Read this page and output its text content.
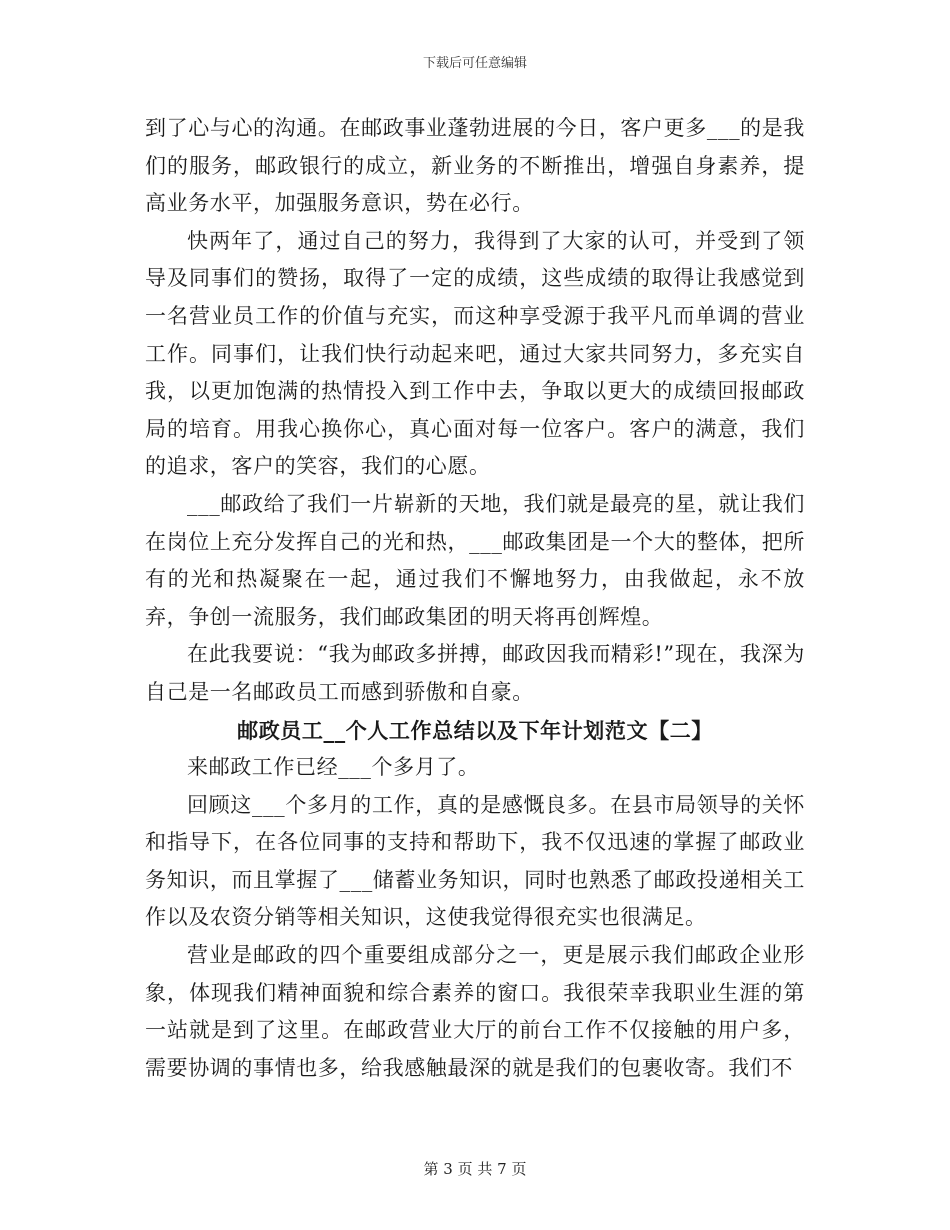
下载后可任意编辑

到了心与心的沟通。在邮政事业蓬勃进展的今日，客户更多___的是我们的服务，邮政银行的成立，新业务的不断推出，增强自身素养，提高业务水平，加强服务意识，势在必行。

快两年了，通过自己的努力，我得到了大家的认可，并受到了领导及同事们的赞扬，取得了一定的成绩，这些成绩的取得让我感觉到一名营业员工作的价值与充实，而这种享受源于我平凡而单调的营业工作。同事们，让我们快行动起来吧，通过大家共同努力，多充实自我，以更加饱满的热情投入到工作中去，争取以更大的成绩回报邮政局的培育。用我心换你心，真心面对每一位客户。客户的满意，我们的追求，客户的笑容，我们的心愿。

___邮政给了我们一片崭新的天地，我们就是最亮的星，就让我们在岗位上充分发挥自己的光和热，___邮政集团是一个大的整体，把所有的光和热凝聚在一起，通过我们不懈地努力，由我做起，永不放弃，争创一流服务，我们邮政集团的明天将再创辉煌。

在此我要说：“我为邮政多拼搏，邮政因我而精彩!”现在，我深为自己是一名邮政员工而感到骄傲和自豪。

邮政员工__个人工作总结以及下年计划范文【二】

来邮政工作已经___个多月了。

回顾这___个多月的工作，真的是感慨良多。在县市局领导的关怀和指导下，在各位同事的支持和帮助下，我不仅迅速的掌握了邮政业务知识，而且掌握了___储蓄业务知识，同时也熟悉了邮政投递相关工作以及农资分销等相关知识，这使我觉得很充实也很满足。

营业是邮政的四个重要组成部分之一，更是展示我们邮政企业形象，体现我们精神面貌和综合素养的窗口。我很荣幸我职业生涯的第一站就是到了这里。在邮政营业大厅的前台工作不仅接触的用户多，需要协调的事情也多，给我感触最深的就是我们的包裹收寄。我们不

第 3 页 共 7 页
